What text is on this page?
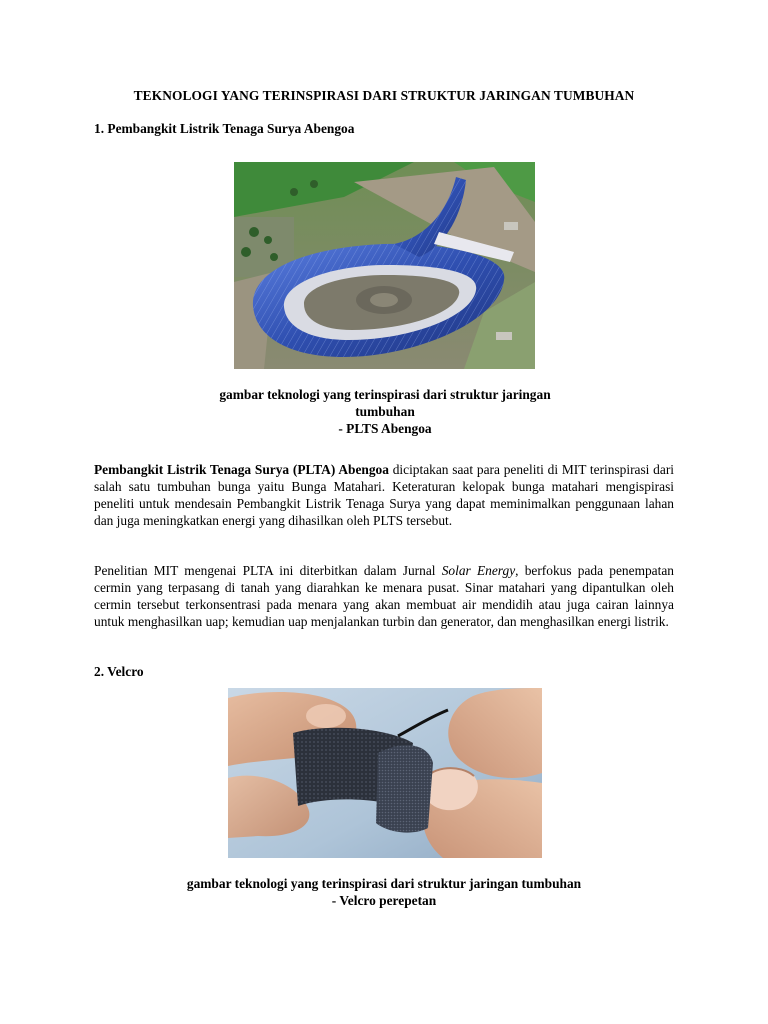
TEKNOLOGI YANG TERINSPIRASI DARI STRUKTUR JARINGAN TUMBUHAN
1. Pembangkit Listrik Tenaga Surya Abengoa
gambar teknologi yang terinspirasi dari struktur jaringan
tumbuhan
- PLTS Abengoa
Pembangkit Listrik Tenaga Surya (PLTA) Abengoa diciptakan saat para peneliti di MIT terinspirasi dari salah satu tumbuhan bunga yaitu Bunga Matahari. Keteraturan kelopak bunga matahari mengispirasi peneliti untuk mendesain Pembangkit Listrik Tenaga Surya yang dapat meminimalkan penggunaan lahan dan juga meningkatkan energi yang dihasilkan oleh PLTS tersebut.
Penelitian MIT mengenai PLTA ini diterbitkan dalam Jurnal Solar Energy, berfokus pada penempatan cermin yang terpasang di tanah yang diarahkan ke menara pusat. Sinar matahari yang dipantulkan oleh cermin tersebut terkonsentrasi pada menara yang akan membuat air mendidih atau juga cairan lainnya untuk menghasilkan uap; kemudian uap menjalankan turbin dan generator, dan menghasilkan energi listrik.
2. Velcro
gambar teknologi yang terinspirasi dari struktur jaringan tumbuhan
- Velcro perepetan
